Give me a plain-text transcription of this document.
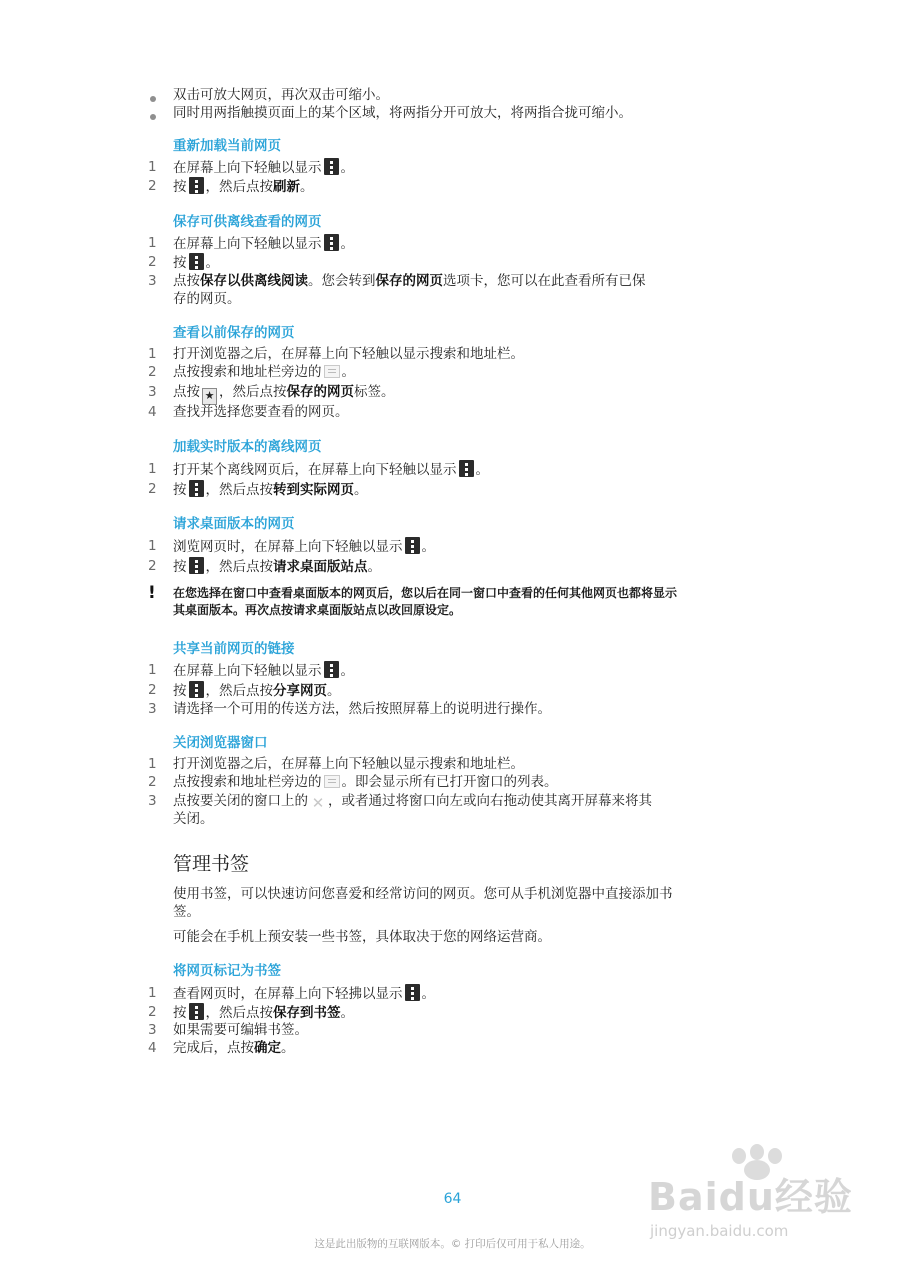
双击可放大网页，再次双击可缩小。
同时用两指触摸页面上的某个区域，将两指分开可放大，将两指合拢可缩小。
重新加载当前网页
1 在屏幕上向下轻触以显示 。
2 按 ，然后点按刷新。
保存可供离线查看的网页
1 在屏幕上向下轻触以显示 。
2 按 。
3 点按保存以供离线阅读。您会转到保存的网页选项卡，您可以在此查看所有已保
存的网页。
查看以前保存的网页
1 打开浏览器之后，在屏幕上向下轻触以显示搜索和地址栏。
2 点按搜索和地址栏旁边的 。
3 点按 ★ ，然后点按保存的网页标签。
4 查找并选择您要查看的网页。
加载实时版本的离线网页
1 打开某个离线网页后，在屏幕上向下轻触以显示 。
2 按 ，然后点按转到实际网页。
请求桌面版本的网页
1 浏览网页时，在屏幕上向下轻触以显示 。
2 按 ，然后点按请求桌面版站点。
! 在您选择在窗口中查看桌面版本的网页后，您以后在同一窗口中查看的任何其他网页也都将显示
其桌面版本。再次点按请求桌面版站点以改回原设定。
共享当前网页的链接
1 在屏幕上向下轻触以显示 。
2 按 ，然后点按分享网页。
3 请选择一个可用的传送方法，然后按照屏幕上的说明进行操作。
关闭浏览器窗口
1 打开浏览器之后，在屏幕上向下轻触以显示搜索和地址栏。
2 点按搜索和地址栏旁边的 。即会显示所有已打开窗口的列表。
3 点按要关闭的窗口上的 ✕ ，或者通过将窗口向左或向右拖动使其离开屏幕来将其
关闭。
管理书签
使用书签，可以快速访问您喜爱和经常访问的网页。您可从手机浏览器中直接添加书
签。
可能会在手机上预安装一些书签，具体取决于您的网络运营商。
将网页标记为书签
1 查看网页时，在屏幕上向下轻拂以显示 。
2 按 ，然后点按保存到书签。
3 如果需要可编辑书签。
4 完成后，点按确定。
64
这是此出版物的互联网版本。© 打印后仅可用于私人用途。
Baidu经验
jingyan.baidu.com
